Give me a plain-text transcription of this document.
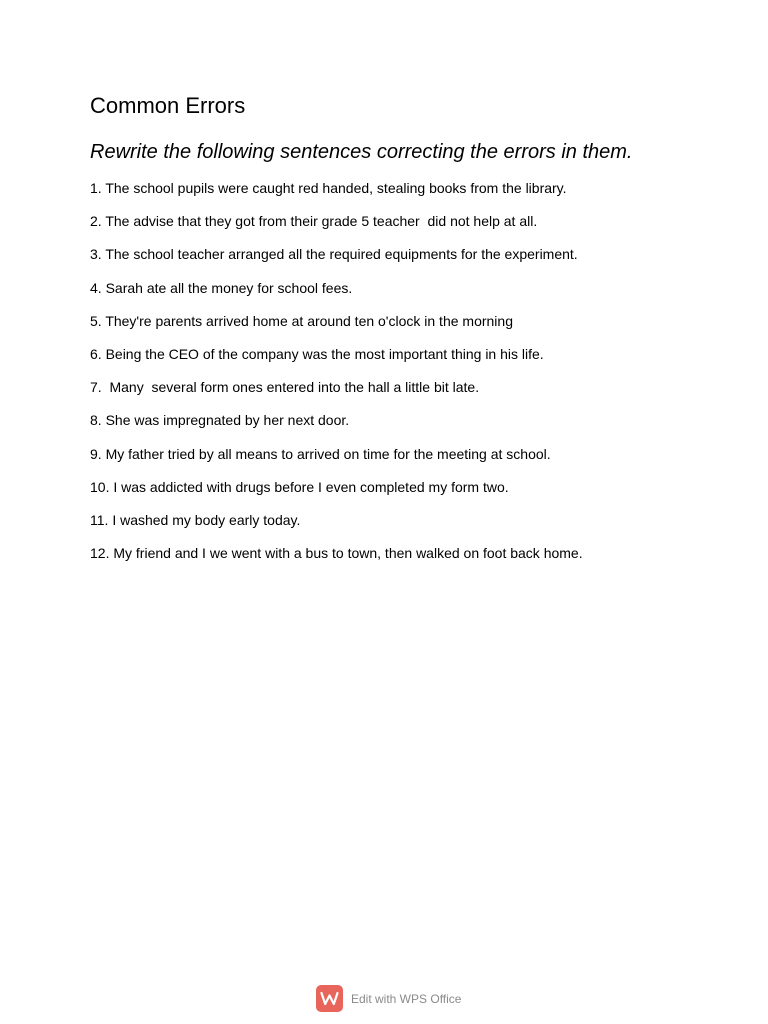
Common Errors

Rewrite the following sentences correcting the errors in them.

1. The school pupils were caught red handed, stealing books from the library.
2. The advise that they got from their grade 5 teacher  did not help at all.
3. The school teacher arranged all the required equipments for the experiment.
4. Sarah ate all the money for school fees.
5. They're parents arrived home at around ten o'clock in the morning
6. Being the CEO of the company was the most important thing in his life.
7.  Many  several form ones entered into the hall a little bit late.
8. She was impregnated by her next door.
9. My father tried by all means to arrived on time for the meeting at school.
10. I was addicted with drugs before I even completed my form two.
11. I washed my body early today.
12. My friend and I we went with a bus to town, then walked on foot back home.
Edit with WPS Office
